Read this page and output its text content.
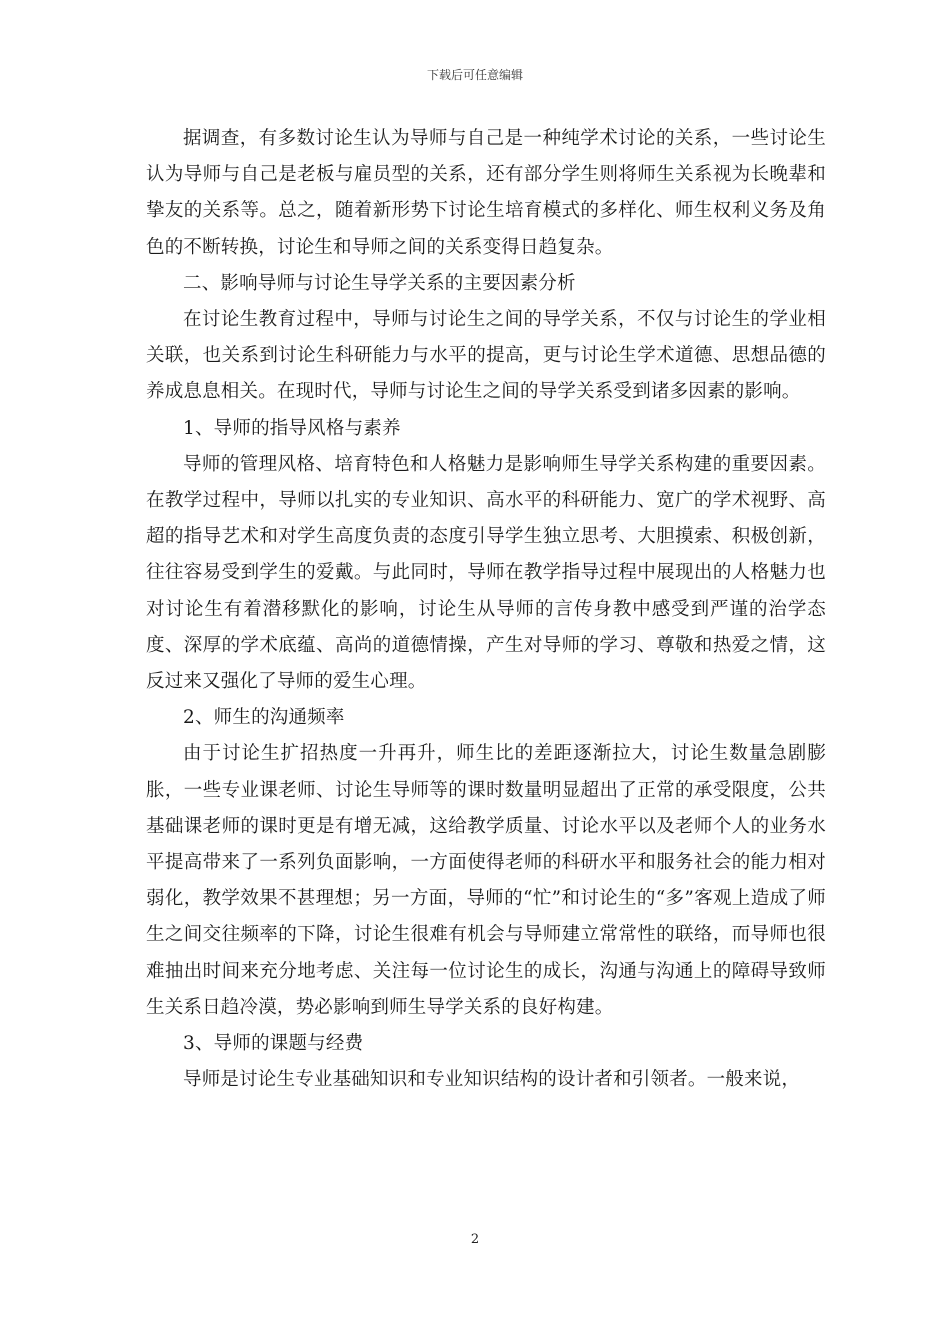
下载后可任意编辑

据调查，有多数讨论生认为导师与自己是一种纯学术讨论的关系，一些讨论生认为导师与自己是老板与雇员型的关系，还有部分学生则将师生关系视为长晚辈和挚友的关系等。总之，随着新形势下讨论生培育模式的多样化、师生权利义务及角色的不断转换，讨论生和导师之间的关系变得日趋复杂。

二、影响导师与讨论生导学关系的主要因素分析

在讨论生教育过程中，导师与讨论生之间的导学关系，不仅与讨论生的学业相关联，也关系到讨论生科研能力与水平的提高，更与讨论生学术道德、思想品德的养成息息相关。在现时代，导师与讨论生之间的导学关系受到诸多因素的影响。

1、导师的指导风格与素养

导师的管理风格、培育特色和人格魅力是影响师生导学关系构建的重要因素。在教学过程中，导师以扎实的专业知识、高水平的科研能力、宽广的学术视野、高超的指导艺术和对学生高度负责的态度引导学生独立思考、大胆摸索、积极创新，往往容易受到学生的爱戴。与此同时，导师在教学指导过程中展现出的人格魅力也对讨论生有着潜移默化的影响，讨论生从导师的言传身教中感受到严谨的治学态度、深厚的学术底蕴、高尚的道德情操，产生对导师的学习、尊敬和热爱之情，这反过来又强化了导师的爱生心理。

2、师生的沟通频率

由于讨论生扩招热度一升再升，师生比的差距逐渐拉大，讨论生数量急剧膨胀，一些专业课老师、讨论生导师等的课时数量明显超出了正常的承受限度，公共基础课老师的课时更是有增无减，这给教学质量、讨论水平以及老师个人的业务水平提高带来了一系列负面影响，一方面使得老师的科研水平和服务社会的能力相对弱化，教学效果不甚理想；另一方面，导师的“忙”和讨论生的“多”客观上造成了师生之间交往频率的下降，讨论生很难有机会与导师建立常常性的联络，而导师也很难抽出时间来充分地考虑、关注每一位讨论生的成长，沟通与沟通上的障碍导致师生关系日趋冷漠，势必影响到师生导学关系的良好构建。

3、导师的课题与经费

导师是讨论生专业基础知识和专业知识结构的设计者和引领者。一般来说，

2
